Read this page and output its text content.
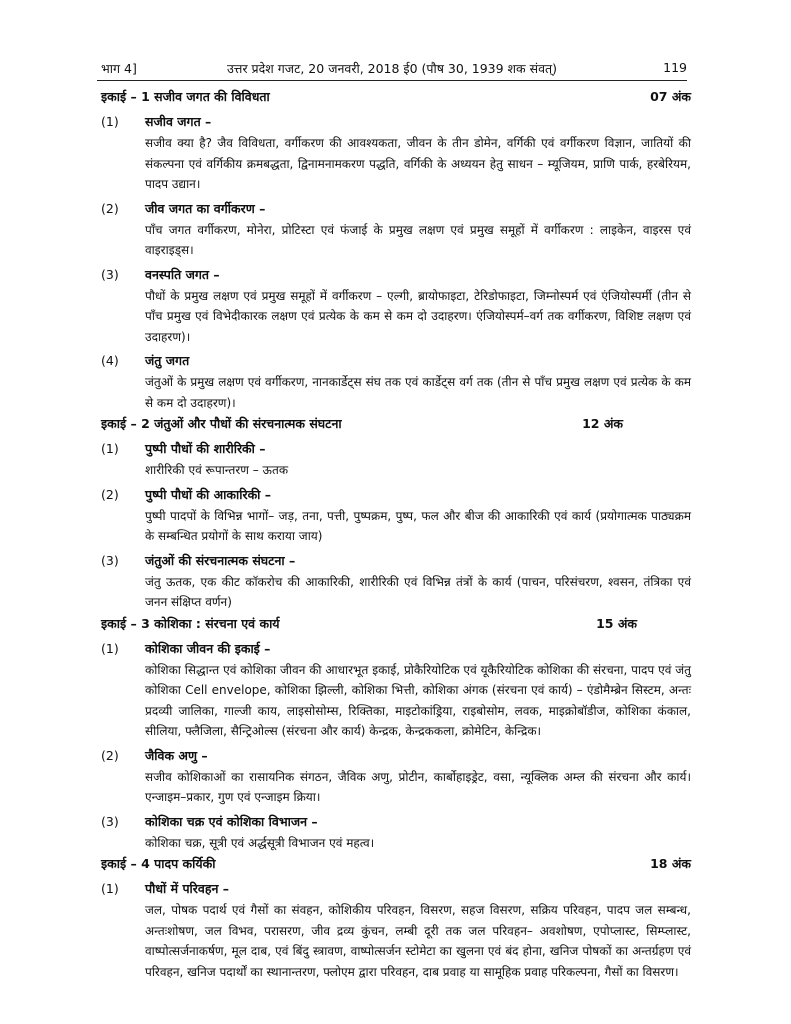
भाग 4]	उत्तर प्रदेश गजट, 20 जनवरी, 2018 ई0 (पौष 30, 1939 शक संवत्)	119
इकाई – 1 सजीव जगत की विविधता	07 अंक
(1) सजीव जगत –
सजीव क्या है? जैव विविधता, वर्गीकरण की आवश्यकता, जीवन के तीन डोमेन, वर्गिकी एवं वर्गीकरण विज्ञान, जातियों की संकल्पना एवं वर्गिकीय क्रमबद्धता, द्विनामनामकरण पद्धति, वर्गिकी के अध्ययन हेतु साधन – म्यूजियम, प्राणि पार्क, हरबेरियम, पादप उद्यान।
(2) जीव जगत का वर्गीकरण –
पाँच जगत वर्गीकरण, मोनेरा, प्रोटिस्टा एवं फंजाई के प्रमुख लक्षण एवं प्रमुख समूहों में वर्गीकरण : लाइकेन, वाइरस एवं वाइराइड्स।
(3) वनस्पति जगत –
पौधों के प्रमुख लक्षण एवं प्रमुख समूहों में वर्गीकरण – एल्गी, ब्रायोफाइटा, टेरिडोफाइटा, जिम्नोस्पर्म एवं एंजियोस्पर्मी (तीन से पाँच प्रमुख एवं विभेदीकारक लक्षण एवं प्रत्येक के कम से कम दो उदाहरण। एंजियोस्पर्म–वर्ग तक वर्गीकरण, विशिष्ट लक्षण एवं उदाहरण)।
(4) जंतु जगत
जंतुओं के प्रमुख लक्षण एवं वर्गीकरण, नानकार्डेट्स संघ तक एवं कार्डेट्स वर्ग तक (तीन से पाँच प्रमुख लक्षण एवं प्रत्येक के कम से कम दो उदाहरण)।
इकाई – 2 जंतुओं और पौधों की संरचनात्मक संघटना	12 अंक
(1) पुष्पी पौधों की शारीरिकी –
शारीरिकी एवं रूपान्तरण – ऊतक
(2) पुष्पी पौधों की आकारिकी –
पुष्पी पादपों के विभिन्न भागों– जड़, तना, पत्ती, पुष्पक्रम, पुष्प, फल और बीज की आकारिकी एवं कार्य (प्रयोगात्मक पाठ्यक्रम के सम्बन्धित प्रयोगों के साथ कराया जाय)
(3) जंतुओं की संरचनात्मक संघटना –
जंतु ऊतक, एक कीट कॉकरोच की आकारिकी, शारीरिकी एवं विभिन्न तंत्रों के कार्य (पाचन, परिसंचरण, श्वसन, तंत्रिका एवं जनन संक्षिप्त वर्णन)
इकाई – 3 कोशिका : संरचना एवं कार्य	15 अंक
(1) कोशिका जीवन की इकाई –
कोशिका सिद्धान्त एवं कोशिका जीवन की आधारभूत इकाई, प्रोकैरियोटिक एवं यूकैरियोटिक कोशिका की संरचना, पादप एवं जंतु कोशिका Cell envelope, कोशिका झिल्ली, कोशिका भित्ती, कोशिका अंगक (संरचना एवं कार्य) – एंडोमैम्ब्रेन सिस्टम, अन्तः प्रदव्यी जालिका, गाल्जी काय, लाइसोसोम्स, रिक्तिका, माइटोकांड्रिया, राइबोसोम, लवक, माइक्रोबॉडीज, कोशिका कंकाल, सीलिया, फ्लैजिला, सैन्ट्रिओल्स (संरचना और कार्य) केन्द्रक, केन्द्रककला, क्रोमेटिन, केन्द्रिक।
(2) जैविक अणु –
सजीव कोशिकाओं का रासायनिक संगठन, जैविक अणु, प्रोटीन, कार्बोहाइड्रेट, वसा, न्यूक्लिक अम्ल की संरचना और कार्य। एन्जाइम–प्रकार, गुण एवं एन्जाइम क्रिया।
(3) कोशिका चक्र एवं कोशिका विभाजन –
कोशिका चक्र, सूत्री एवं अर्द्धसूत्री विभाजन एवं महत्व।
इकाई – 4 पादप कर्यिकी	18 अंक
(1) पौधों में परिवहन –
जल, पोषक पदार्थ एवं गैसों का संवहन, कोशिकीय परिवहन, विसरण, सहज विसरण, सक्रिय परिवहन, पादप जल सम्बन्ध, अन्तःशोषण, जल विभव, परासरण, जीव द्रव्य कुंचन, लम्बी दूरी तक जल परिवहन– अवशोषण, एपोप्लास्ट, सिम्प्लास्ट, वाष्पोत्सर्जनाकर्षण, मूल दाब, एवं बिंदु स्त्रावण, वाष्पोत्सर्जन स्टोमेटा का खुलना एवं बंद होना, खनिज पोषकों का अन्तर्ग्रहण एवं परिवहन, खनिज पदार्थों का स्थानान्तरण, फ्लोएम द्वारा परिवहन, दाब प्रवाह या सामूहिक प्रवाह परिकल्पना, गैसों का विसरण।
